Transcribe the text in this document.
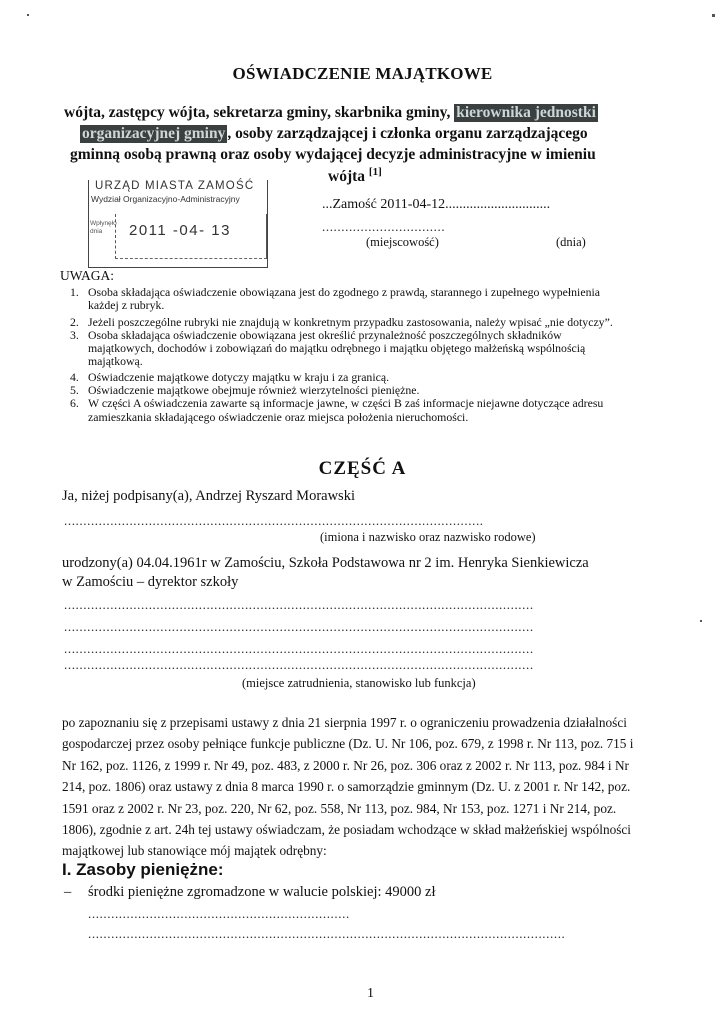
OŚWIADCZENIE MAJĄTKOWE
wójta, zastępcy wójta, sekretarza gminy, skarbnika gminy, kierownika jednostki
organizacyjnej gminy , osoby zarządzającej i członka organu zarządzającego
gminną osobą prawną oraz osoby wydającej decyzje administracyjne w imieniu
wójta [1]
URZĄD MIASTA ZAMOŚĆ
Wydział Organizacyjno-Administracyjny
Wpłynęło dnia	2011 -04- 13
...Zamość 2011-04-12..............................
................................
(miejscowość)	(dnia)
UWAGA:
1. Osoba składająca oświadczenie obowiązana jest do zgodnego z prawdą, starannego i zupełnego wypełnienia
każdej z rubryk.
2. Jeżeli poszczególne rubryki nie znajdują w konkretnym przypadku zastosowania, należy wpisać „nie dotyczy”.
3. Osoba składająca oświadczenie obowiązana jest określić przynależność poszczególnych składników
majątkowych, dochodów i zobowiązań do majątku odrębnego i majątku objętego małżeńską wspólnością
majątkową.
4. Oświadczenie majątkowe dotyczy majątku w kraju i za granicą.
5. Oświadczenie majątkowe obejmuje również wierzytelności pieniężne.
6. W części A oświadczenia zawarte są informacje jawne, w części B zaś informacje niejawne dotyczące adresu
zamieszkania składającego oświadczenie oraz miejsca położenia nieruchomości.
CZĘŚĆ A
Ja, niżej podpisany(a), Andrzej Ryszard Morawski
.............................................................................................................
(imiona i nazwisko oraz nazwisko rodowe)
urodzony(a) 04.04.1961r w Zamościu, Szkoła Podstawowa nr 2 im. Henryka Sienkiewicza
w Zamościu – dyrektor szkoły
..........................................................................................................................
..........................................................................................................................
..........................................................................................................................
..........................................................................................................................
(miejsce zatrudnienia, stanowisko lub funkcja)
po zapoznaniu się z przepisami ustawy z dnia 21 sierpnia 1997 r. o ograniczeniu prowadzenia działalności
gospodarczej przez osoby pełniące funkcje publiczne (Dz. U. Nr 106, poz. 679, z 1998 r. Nr 113, poz. 715 i
Nr 162, poz. 1126, z 1999 r. Nr 49, poz. 483, z 2000 r. Nr 26, poz. 306 oraz z 2002 r. Nr 113, poz. 984 i Nr
214, poz. 1806) oraz ustawy z dnia 8 marca 1990 r. o samorządzie gminnym (Dz. U. z 2001 r. Nr 142, poz.
1591 oraz z 2002 r. Nr 23, poz. 220, Nr 62, poz. 558, Nr 113, poz. 984, Nr 153, poz. 1271 i Nr 214, poz.
1806), zgodnie z art. 24h tej ustawy oświadczam, że posiadam wchodzące w skład małżeńskiej wspólności
majątkowej lub stanowiące mój majątek odrębny:
I. Zasoby pieniężne:
– środki pieniężne zgromadzone w walucie polskiej: 49000 zł
....................................................................
............................................................................................................................
1
